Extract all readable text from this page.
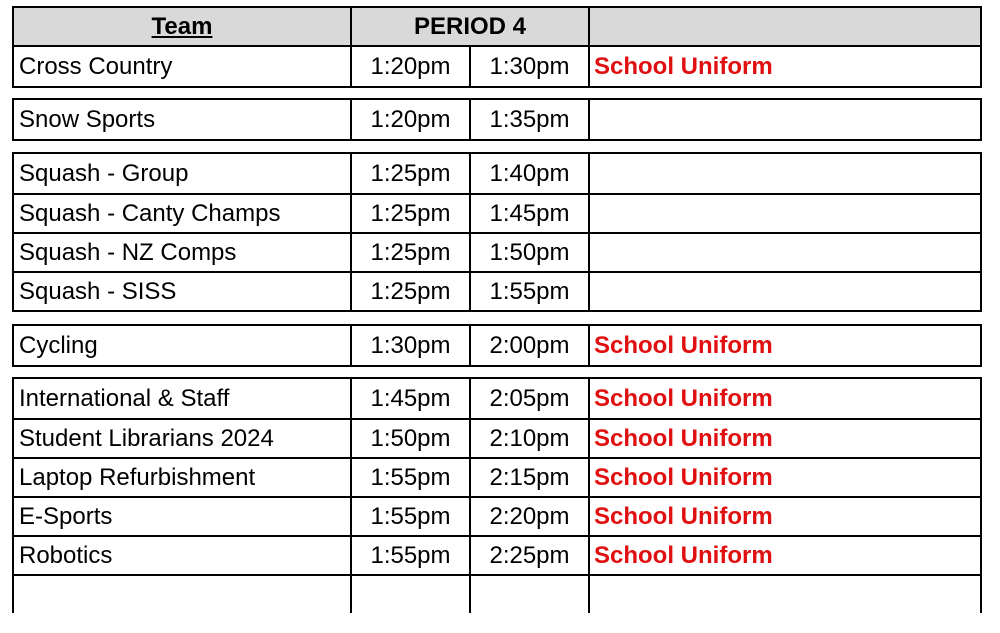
Team	PERIOD 4
Cross Country	1:20pm	1:30pm	School Uniform
Snow Sports	1:20pm	1:35pm
Squash - Group	1:25pm	1:40pm
Squash - Canty Champs	1:25pm	1:45pm
Squash - NZ Comps	1:25pm	1:50pm
Squash - SISS	1:25pm	1:55pm
Cycling	1:30pm	2:00pm	School Uniform
International & Staff	1:45pm	2:05pm	School Uniform
Student Librarians 2024	1:50pm	2:10pm	School Uniform
Laptop Refurbishment	1:55pm	2:15pm	School Uniform
E-Sports	1:55pm	2:20pm	School Uniform
Robotics	1:55pm	2:25pm	School Uniform
